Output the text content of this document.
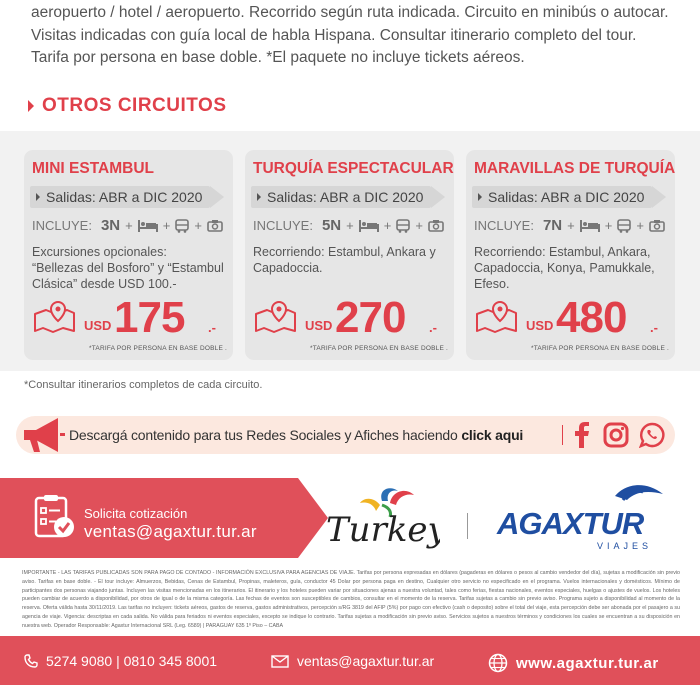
aeropuerto / hotel / aeropuerto. Recorrido según ruta indicada. Circuito en minibús o autocar.
Visitas indicadas con guía local de habla Hispana. Consultar itinerario completo del tour.
Tarifa por persona en base doble. *El paquete no incluye tickets aéreos.
OTROS CIRCUITOS
MINI ESTAMBUL
Salidas: ABR a DIC 2020
INCLUYE: 3N + + +
Excursiones opcionales:
“Bellezas del Bosforo” y “Estambul
Clásica” desde USD 100.-
USD 175 .-
*TARIFA POR PERSONA EN BASE DOBLE .
TURQUÍA ESPECTACULAR
Salidas: ABR a DIC 2020
INCLUYE: 5N + + +
Recorriendo: Estambul, Ankara y
Capadoccia.
USD 270 .-
*TARIFA POR PERSONA EN BASE DOBLE .
MARAVILLAS DE TURQUÍA
Salidas: ABR a DIC 2020
INCLUYE: 7N + + +
Recorriendo: Estambul, Ankara,
Capadoccia, Konya, Pamukkale,
Efeso.
USD 480 .-
*TARIFA POR PERSONA EN BASE DOBLE .
*Consultar itinerarios completos de cada circuito.
Descargá contenido para tus Redes Sociales y Afiches haciendo click aqui
Solicita cotización
ventas@agaxtur.tur.ar Turkey AGAXTUR
VIAJES
IMPORTANTE - LAS TARIFAS PUBLICADAS SON PARA PAGO DE CONTADO - INFORMACIÓN EXCLUSIVA PARA AGENCIAS DE VIAJE. Tarifas por persona expresadas en dólares (pagaderas en dólares o pesos al cambio vendedor del día), sujetas a modificación sin previo aviso. Tarifas en base doble. - El tour incluye: Almuerzos, Bebidas, Cenas de Estambul, Propinas, maleteros, guía, conductor 45 Dolar por persona paga en destino, Cualquier otro servicio no especificado en el programa. Vuelos internacionales y domésticos. Mínimo de participantes dos personas viajando juntas. Incluyen las visitas mencionadas en los itinerarios. El itinerario y los hoteles pueden variar por situaciones ajenas a nuestra voluntad, tales como ferias, fiestas nacionales, eventos especiales, huelgas o ajustes de vuelos. Los hoteles pueden cambiar de acuerdo a disponibilidad, por otros de igual o de la misma categoría. Las fechas de eventos son susceptibles de cambios, consultar en el momento de la reserva. Tarifas sujetas a cambio sin previo aviso. Programa sujeto a disponibilidad al momento de la reserva. Oferta válida hasta 30/11/2019. Las tarifas no incluyen: tickets aéreos, gastos de reserva, gastos administrativos, percepción s/RG 3819 del AFIP (5%) por pago con efectivo (cash o deposito) sobre el total del viaje, esta percepción debe ser abonada por el pasajero a su agencia de viaje. Vigencia: descriptas en cada salida. No válida para feriados ni eventos especiales, excepto se indique lo contrario. Tarifas sujetas a modificación sin previo aviso. Servicios sujetos a nuestros términos y condiciones los cuales se encuentran a su disposición en nuestra web. Operador Responsable: Agaxtur Internacional SRL (Leg. 6589) | PARAGUAY 635 1º Piso – CABA
5274 9080 | 0810 345 8001	ventas@agaxtur.tur.ar	www.agaxtur.tur.ar
